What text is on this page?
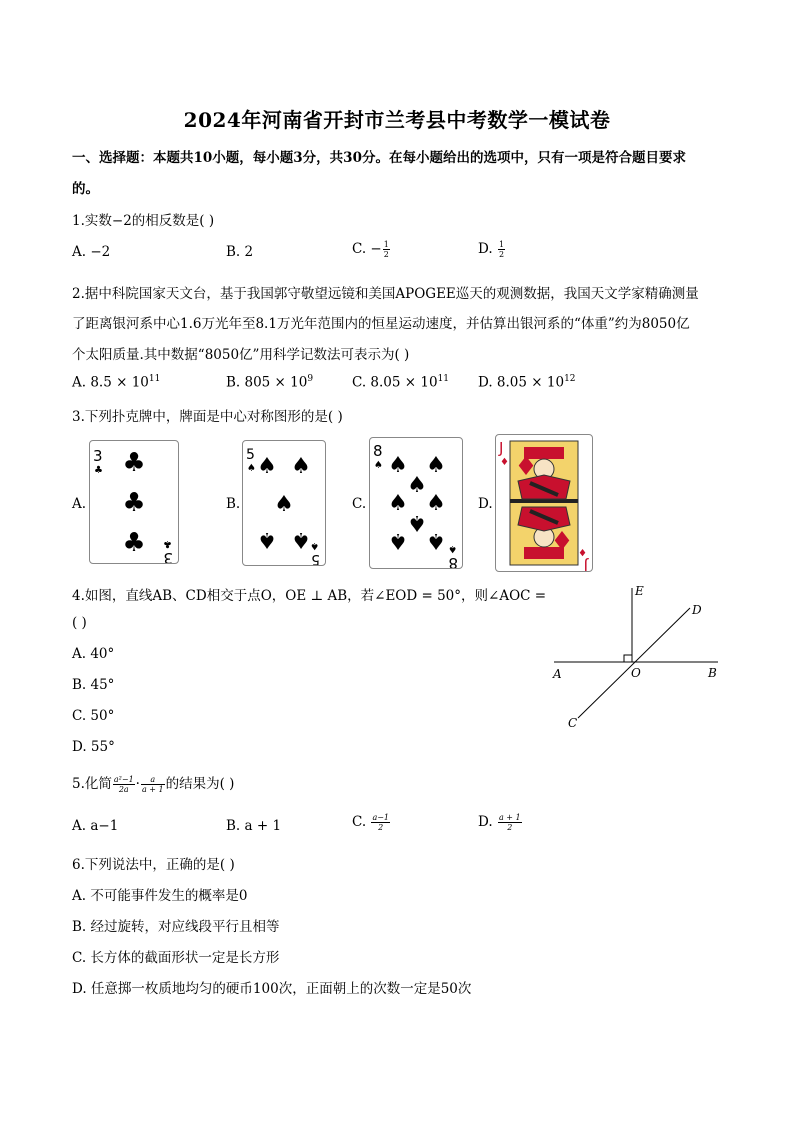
2024年河南省开封市兰考县中考数学一模试卷
一、选择题：本题共10小题，每小题3分，共30分。在每小题给出的选项中，只有一项是符合题目要求
的。
1.实数−2的相反数是( )
A. −2	B. 2	C. − $\frac{1}{2}$	D. $\frac{1}{2}$
2.据中科院国家天文台，基于我国郭守敬望远镜和美国APOGEE巡天的观测数据，我国天文学家精确测量
了距离银河系中心1.6万光年至8.1万光年范围内的恒星运动速度，并估算出银河系的“体重”约为8050亿
个太阳质量.其中数据“8050亿”用科学记数法可表示为( )
A. $8.5 \times 10^{11}$	B. $805 \times 10^9$	C. $8.05 \times 10^{11}$ D. $8.05 \times 10^{12}$
3.下列扑克牌中，牌面是中心对称图形的是( )
A.
3
♣ ♣
♣
♣ 3
♣
B.
5
♠ ♠ ♠
♠
♠ ♠
5
♠
C.
8
♠ ♠ ♠
♠
♠ ♠
♠
♠ ♠
8
♠
D.
J
♦ ♦
♦
J
♦
4.如图，直线AB、CD相交于点O，OE ⊥ AB，若∠EOD = 50°，则∠AOC =
( )
A. 40°
B. 45°
C. 50°
D. 55°
E
D
A	O	B
C
5.化简 $\frac{\text{a²−1}}{2a} \cdot \frac{a}{a + 1}$ 的结果为( )
A. a−1	B. a + 1	C. $\frac{a-1}{2}$	D. $\frac{a + 1}{2}$
6.下列说法中，正确的是( )
A. 不可能事件发生的概率是0
B. 经过旋转，对应线段平行且相等
C. 长方体的截面形状一定是长方形
D. 任意掷一枚质地均匀的硬币100次，正面朝上的次数一定是50次
